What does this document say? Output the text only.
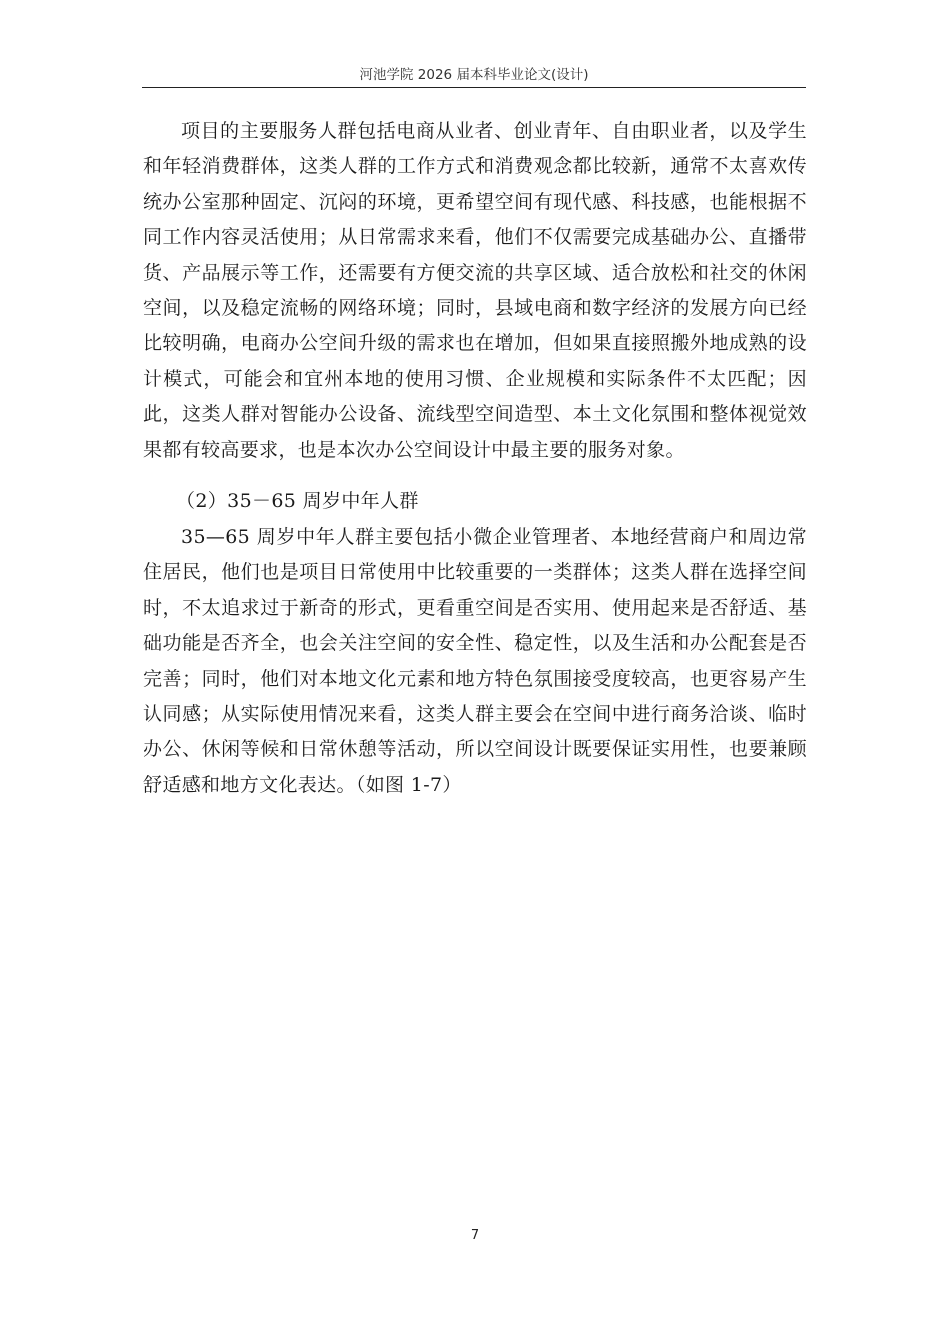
河池学院 2026 届本科毕业论文(设计)

项目的主要服务人群包括电商从业者、创业青年、自由职业者，以及学生和年轻消费群体，这类人群的工作方式和消费观念都比较新，通常不太喜欢传统办公室那种固定、沉闷的环境，更希望空间有现代感、科技感，也能根据不同工作内容灵活使用；从日常需求来看，他们不仅需要完成基础办公、直播带货、产品展示等工作，还需要有方便交流的共享区域、适合放松和社交的休闲空间，以及稳定流畅的网络环境；同时，县域电商和数字经济的发展方向已经比较明确，电商办公空间升级的需求也在增加，但如果直接照搬外地成熟的设计模式，可能会和宜州本地的使用习惯、企业规模和实际条件不太匹配；因此，这类人群对智能办公设备、流线型空间造型、本土文化氛围和整体视觉效果都有较高要求，也是本次办公空间设计中最主要的服务对象。

（2）35－65 周岁中年人群

35—65 周岁中年人群主要包括小微企业管理者、本地经营商户和周边常住居民，他们也是项目日常使用中比较重要的一类群体；这类人群在选择空间时，不太追求过于新奇的形式，更看重空间是否实用、使用起来是否舒适、基础功能是否齐全，也会关注空间的安全性、稳定性，以及生活和办公配套是否完善；同时，他们对本地文化元素和地方特色氛围接受度较高，也更容易产生认同感；从实际使用情况来看，这类人群主要会在空间中进行商务洽谈、临时办公、休闲等候和日常休憩等活动，所以空间设计既要保证实用性，也要兼顾舒适感和地方文化表达。（如图 1-7）

7
